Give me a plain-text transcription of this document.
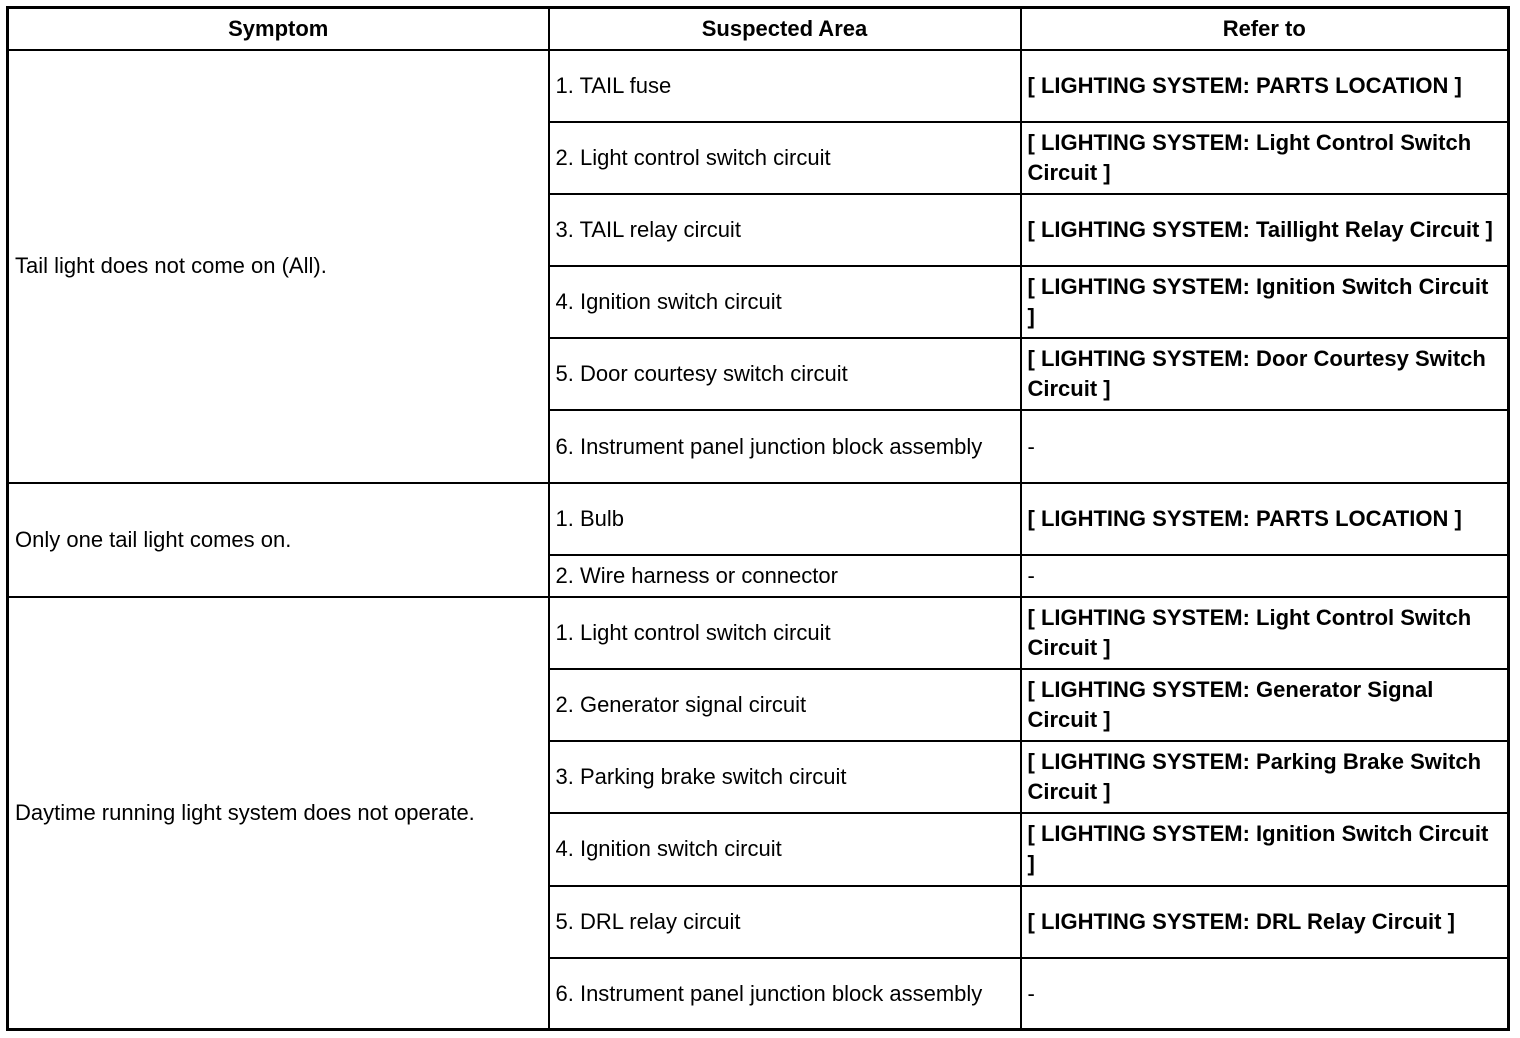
Symptom	Suspected Area	Refer to
Tail light does not come on (All).	1. TAIL fuse	[ LIGHTING SYSTEM: PARTS LOCATION ]
	2. Light control switch circuit	[ LIGHTING SYSTEM: Light Control Switch Circuit ]
	3. TAIL relay circuit	[ LIGHTING SYSTEM: Taillight Relay Circuit ]
	4. Ignition switch circuit	[ LIGHTING SYSTEM: Ignition Switch Circuit ]
	5. Door courtesy switch circuit	[ LIGHTING SYSTEM: Door Courtesy Switch Circuit ]
	6. Instrument panel junction block assembly	-
Only one tail light comes on.	1. Bulb	[ LIGHTING SYSTEM: PARTS LOCATION ]
	2. Wire harness or connector	-
Daytime running light system does not operate.	1. Light control switch circuit	[ LIGHTING SYSTEM: Light Control Switch Circuit ]
	2. Generator signal circuit	[ LIGHTING SYSTEM: Generator Signal Circuit ]
	3. Parking brake switch circuit	[ LIGHTING SYSTEM: Parking Brake Switch Circuit ]
	4. Ignition switch circuit	[ LIGHTING SYSTEM: Ignition Switch Circuit ]
	5. DRL relay circuit	[ LIGHTING SYSTEM: DRL Relay Circuit ]
	6. Instrument panel junction block assembly	-
